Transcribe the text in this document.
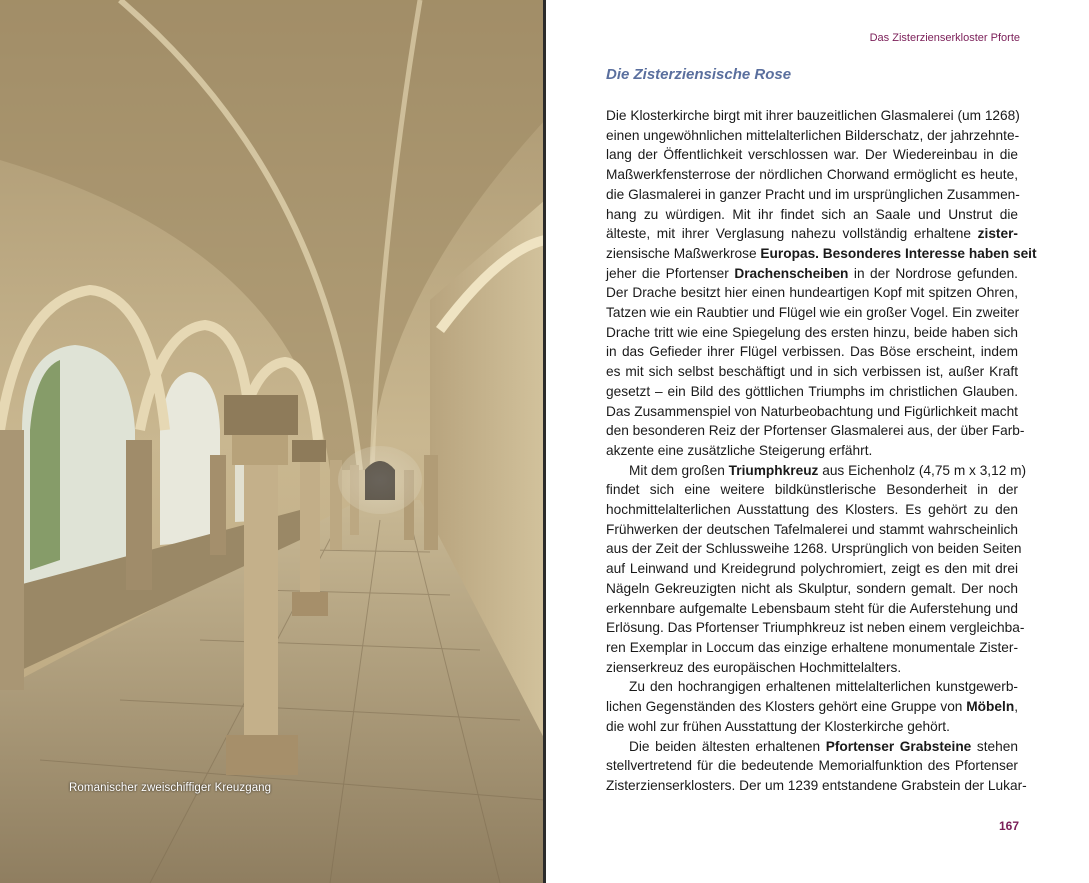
Romanischer zweischiffiger Kreuzgang
Das Zisterzienserkloster Pforte
Die Zisterziensische Rose
Die Klosterkirche birgt mit ihrer bauzeitlichen Glasmalerei (um 1268)
einen ungewöhnlichen mittelalterlichen Bilderschatz, der jahrzehnte-
lang der Öffentlichkeit verschlossen war. Der Wiedereinbau in die
Maßwerkfensterrose der nördlichen Chorwand ermöglicht es heute,
die Glasmalerei in ganzer Pracht und im ursprünglichen Zusammen-
hang zu würdigen. Mit ihr findet sich an Saale und Unstrut die
älteste, mit ihrer Verglasung nahezu vollständig erhaltene zister-
ziensische Maßwerkrose Europas. Besonderes Interesse haben seit
jeher die Pfortenser Drachenscheiben in der Nordrose gefunden.
Der Drache besitzt hier einen hundeartigen Kopf mit spitzen Ohren,
Tatzen wie ein Raubtier und Flügel wie ein großer Vogel. Ein zweiter
Drache tritt wie eine Spiegelung des ersten hinzu, beide haben sich
in das Gefieder ihrer Flügel verbissen. Das Böse erscheint, indem
es mit sich selbst beschäftigt und in sich verbissen ist, außer Kraft
gesetzt – ein Bild des göttlichen Triumphs im christlichen Glauben.
Das Zusammenspiel von Naturbeobachtung und Figürlichkeit macht
den besonderen Reiz der Pfortenser Glasmalerei aus, der über Farb-
akzente eine zusätzliche Steigerung erfährt.
Mit dem großen Triumphkreuz aus Eichenholz (4,75 m x 3,12 m)
findet sich eine weitere bildkünstlerische Besonderheit in der
hochmittelalterlichen Ausstattung des Klosters. Es gehört zu den
Frühwerken der deutschen Tafelmalerei und stammt wahrscheinlich
aus der Zeit der Schlussweihe 1268. Ursprünglich von beiden Seiten
auf Leinwand und Kreidegrund polychromiert, zeigt es den mit drei
Nägeln Gekreuzigten nicht als Skulptur, sondern gemalt. Der noch
erkennbare aufgemalte Lebensbaum steht für die Auferstehung und
Erlösung. Das Pfortenser Triumphkreuz ist neben einem vergleichba-
ren Exemplar in Loccum das einzige erhaltene monumentale Zister-
zienserkreuz des europäischen Hochmittelalters.
Zu den hochrangigen erhaltenen mittelalterlichen kunstgewerb-
lichen Gegenständen des Klosters gehört eine Gruppe von Möbeln,
die wohl zur frühen Ausstattung der Klosterkirche gehört.
Die beiden ältesten erhaltenen Pfortenser Grabsteine stehen
stellvertretend für die bedeutende Memorialfunktion des Pfortenser
Zisterzienserklosters. Der um 1239 entstandene Grabstein der Lukar-
167
